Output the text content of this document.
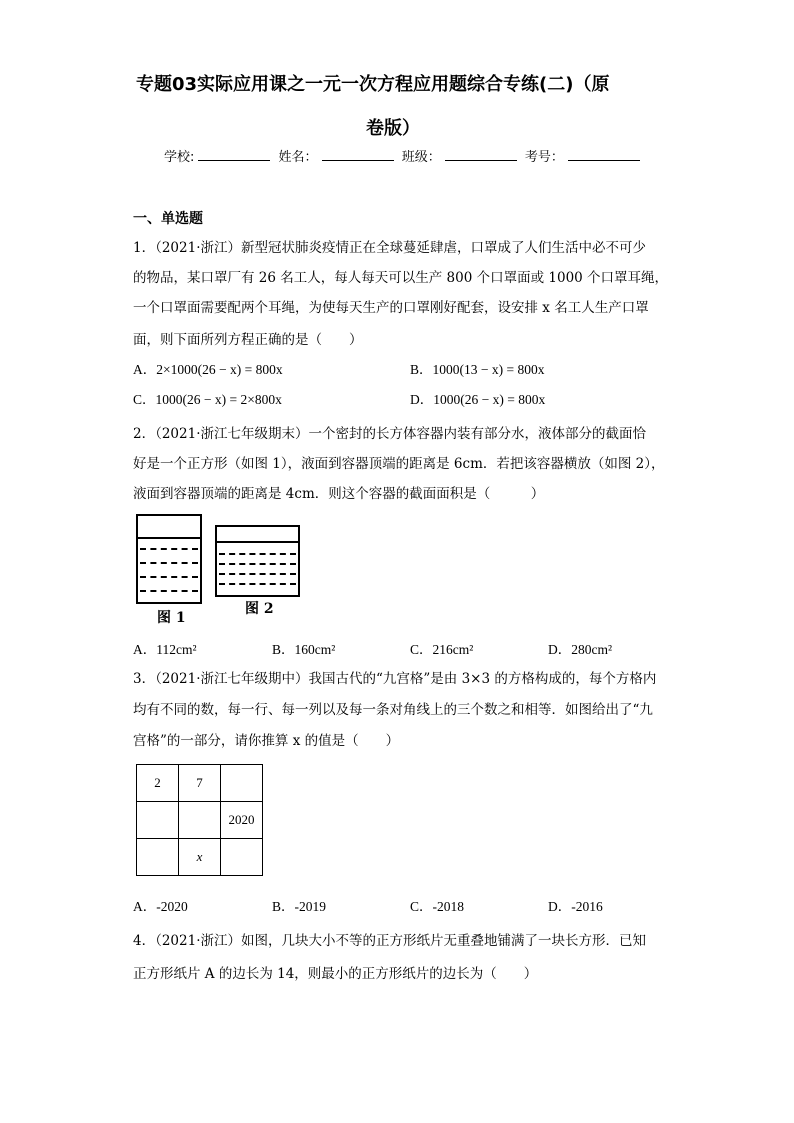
专题03实际应用课之一元一次方程应用题综合专练(二)（原
卷版）
学校:	姓名：	班级：	考号：
一、单选题
1．（2021·浙江）新型冠状肺炎疫情正在全球蔓延肆虐，口罩成了人们生活中必不可少
的物品，某口罩厂有 26 名工人，每人每天可以生产 800 个口罩面或 1000 个口罩耳绳，
一个口罩面需要配两个耳绳，为使每天生产的口罩刚好配套，设安排 x 名工人生产口罩
面，则下面所列方程正确的是（　　）
A．2×1000(26 − x) = 800x	B．1000(13 − x) = 800x
C．1000(26 − x) = 2×800x	D．1000(26 − x) = 800x
2．（2021·浙江七年级期末）一个密封的长方体容器内装有部分水，液体部分的截面恰
好是一个正方形（如图 1），液面到容器顶端的距离是 6cm．若把该容器横放（如图 2），
液面到容器顶端的距离是 4cm．则这个容器的截面面积是（　　　）
图 1
图 2
A．112cm²	B．160cm²	C．216cm²	D．280cm²
3．（2021·浙江七年级期中）我国古代的“九宫格”是由 3×3 的方格构成的，每个方格内
均有不同的数，每一行、每一列以及每一条对角线上的三个数之和相等．如图给出了“九
宫格”的一部分，请你推算 x 的值是（　　）
2	7	
		2020
	x	
A．-2020	B．-2019	C．-2018	D．-2016
4．（2021·浙江）如图，几块大小不等的正方形纸片无重叠地铺满了一块长方形．已知
正方形纸片 A 的边长为 14，则最小的正方形纸片的边长为（　　）
